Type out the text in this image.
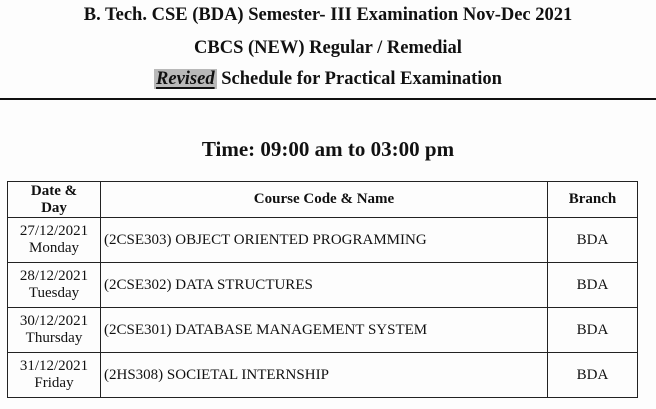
B. Tech. CSE (BDA) Semester- III Examination Nov-Dec 2021
CBCS (NEW) Regular / Remedial
Revised Schedule for Practical Examination
Time: 09:00 am to 03:00 pm
Date &
Day	Course Code & Name	Branch

27/12/2021
Monday	(2CSE303) OBJECT ORIENTED PROGRAMMING	BDA

28/12/2021
Tuesday	(2CSE302) DATA STRUCTURES	BDA

30/12/2021
Thursday	(2CSE301) DATABASE MANAGEMENT SYSTEM	BDA

31/12/2021
Friday	(2HS308) SOCIETAL INTERNSHIP	BDA
